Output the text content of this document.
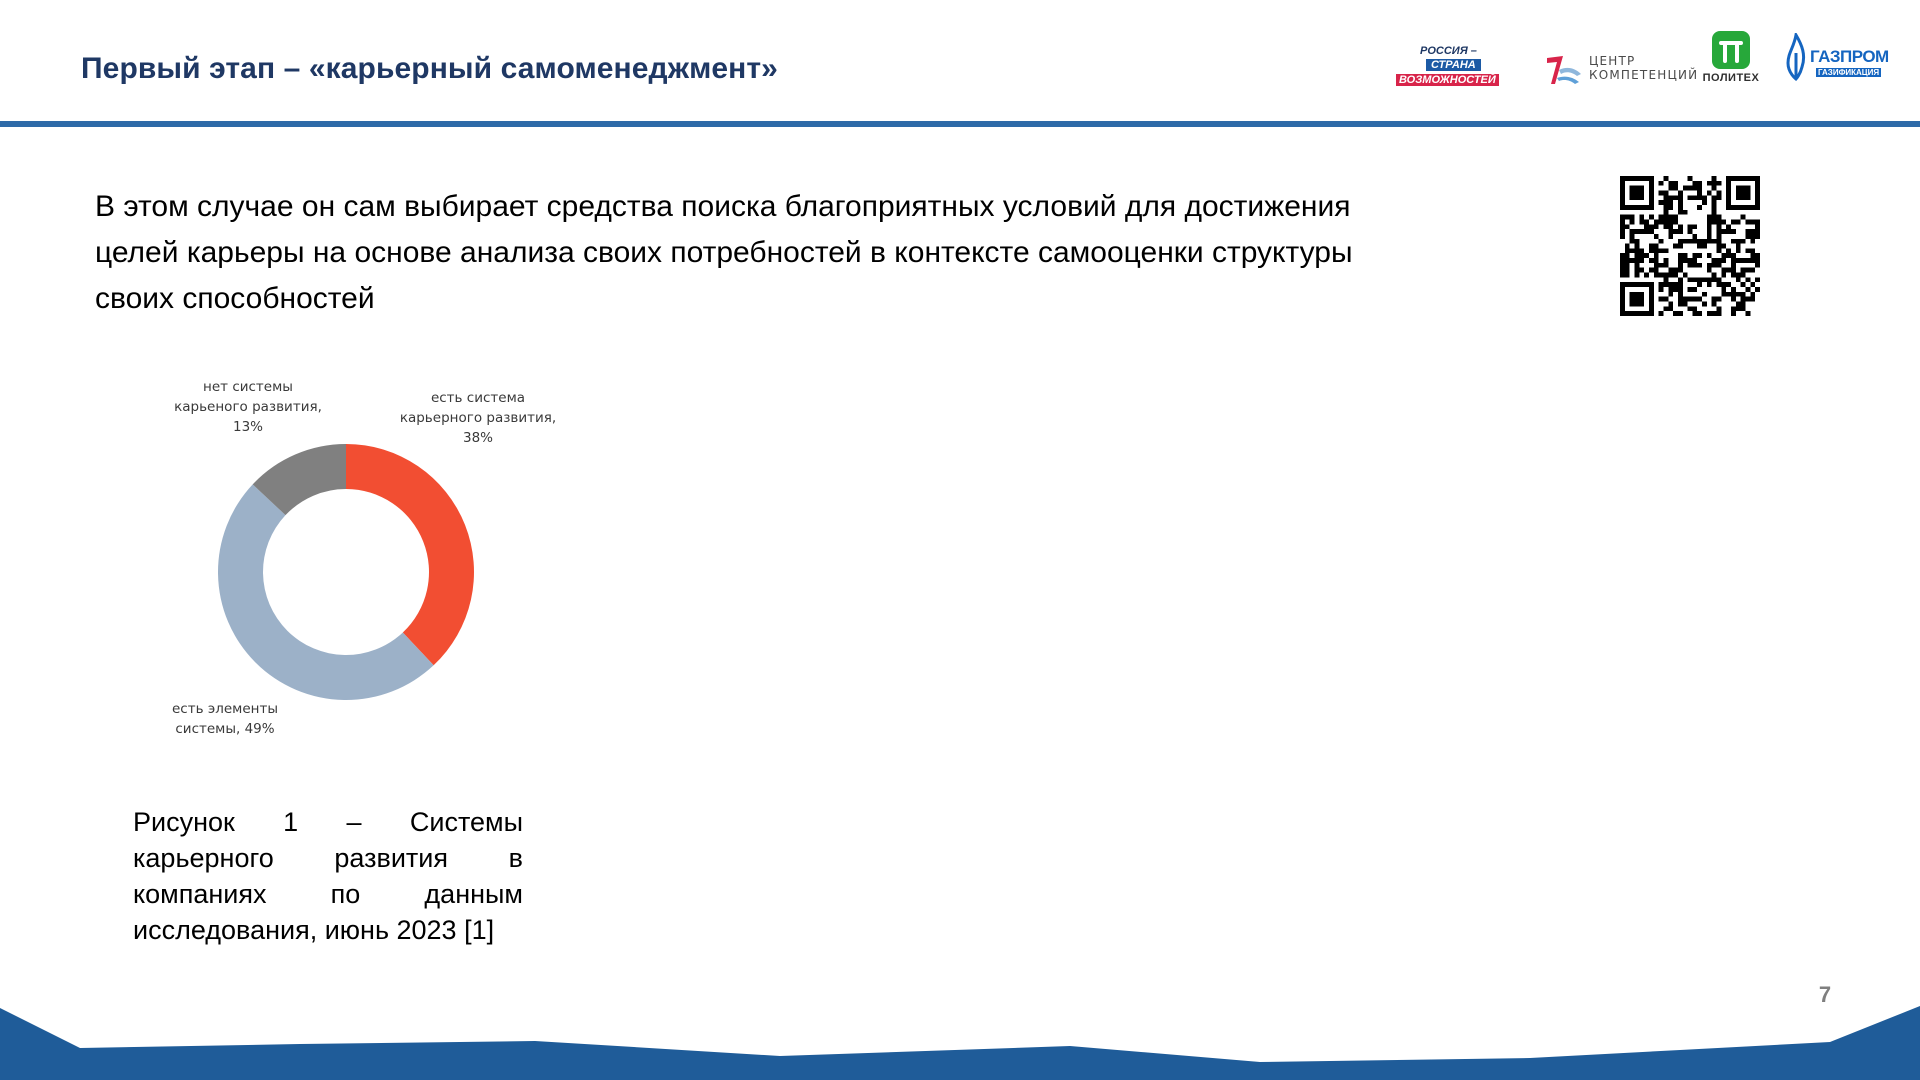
Первый этап – «карьерный самоменеджмент»
РОССИЯ –
СТРАНА
ВОЗМОЖНОСТЕЙ
ЦЕНТР
КОМПЕТЕНЦИЙ ПОЛИТЕХ
ГАЗПРОМ
ГАЗИФИКАЦИЯ

В этом случае он сам выбирает средства поиска благоприятных условий для достижения целей карьеры на основе анализа своих потребностей в контексте самооценки структуры своих способностей

есть система карьерного развития, 38%
есть элементы системы, 49%
нет системы карьеного развития, 13%

Рисунок 1 – Системы карьерного развития в компаниях по данным исследования, июнь 2023 [1]

7
